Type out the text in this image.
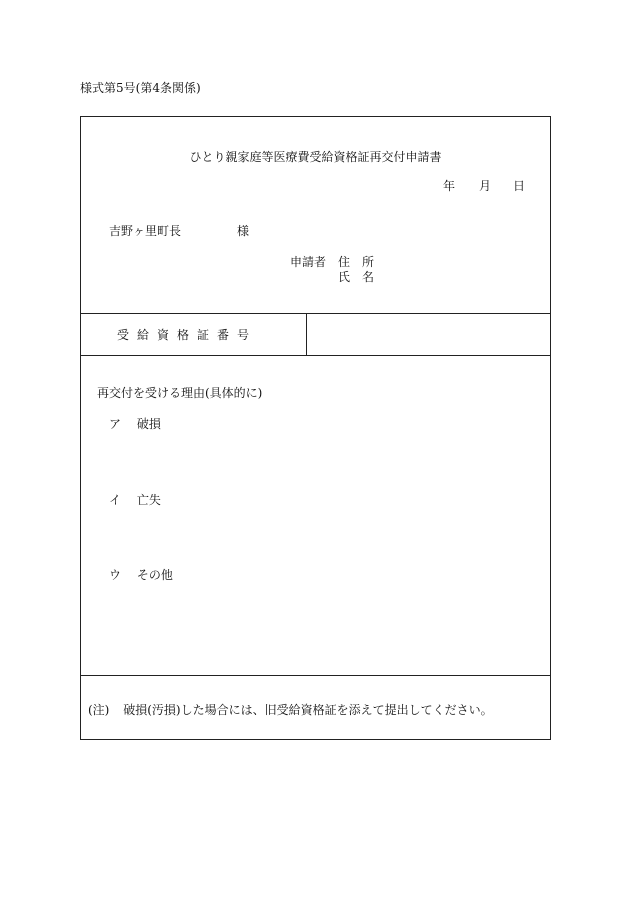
様式第5号(第4条関係)
ひとり親家庭等医療費受給資格証再交付申請書
年 月 日
吉野ヶ里町長	様
申請者 住　所
氏　名
受給資格証番号
再交付を受ける理由(具体的に)
ア 破損
イ 亡失
ウ その他
(注) 破損(汚損)した場合には、旧受給資格証を添えて提出してください。
